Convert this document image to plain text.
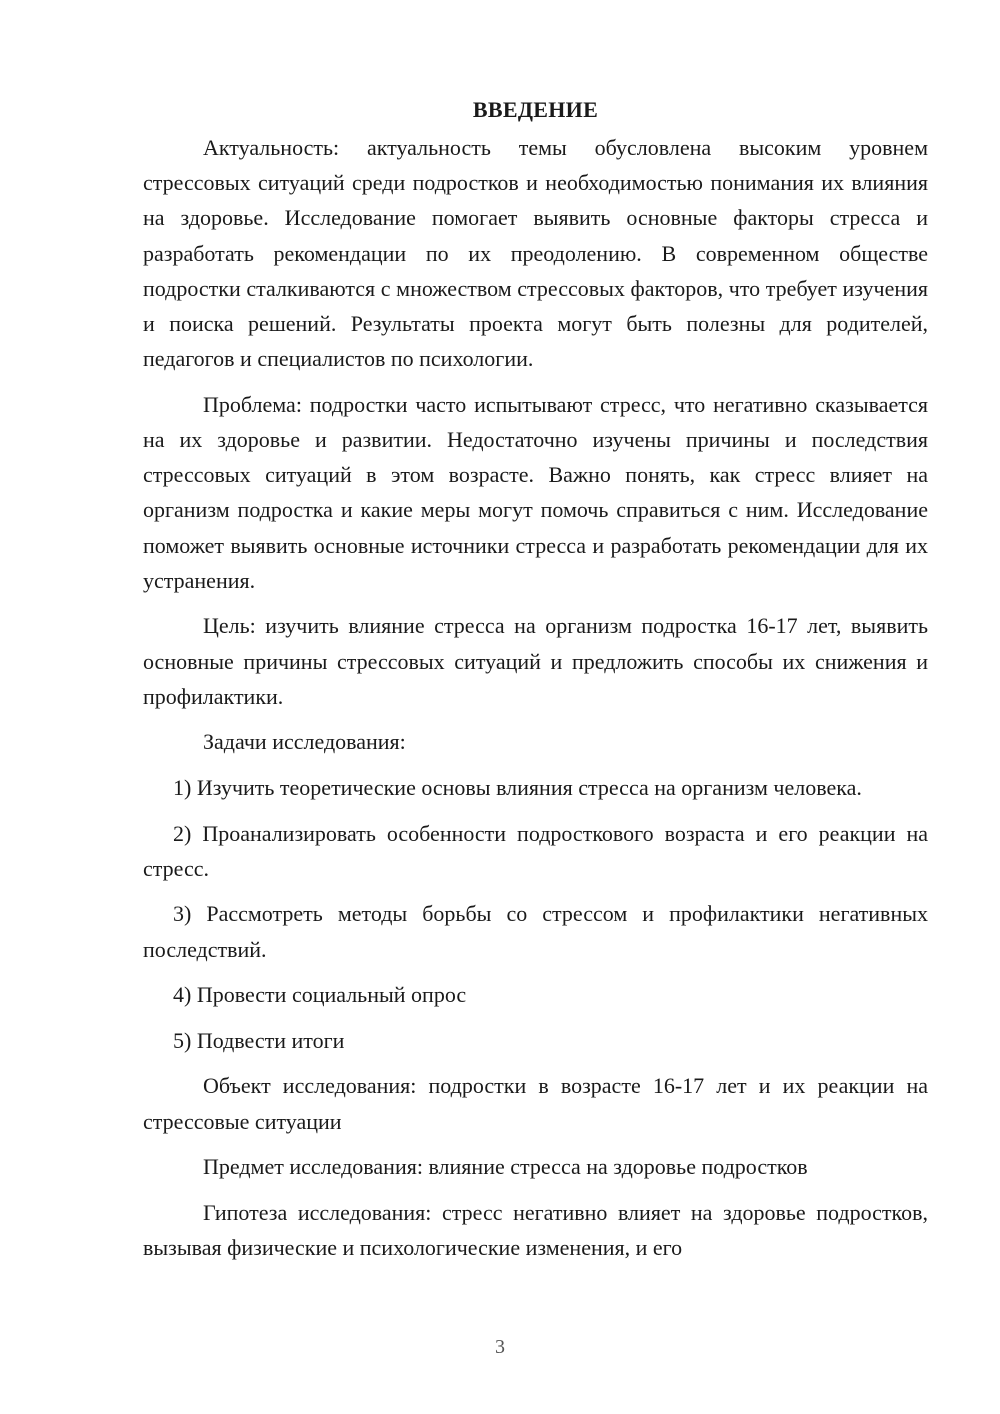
ВВЕДЕНИЕ

Актуальность: актуальность темы обусловлена высоким уровнем стрессовых ситуаций среди подростков и необходимостью понимания их влияния на здоровье. Исследование помогает выявить основные факторы стресса и разработать рекомендации по их преодолению. В современном обществе подростки сталкиваются с множеством стрессовых факторов, что требует изучения и поиска решений. Результаты проекта могут быть полезны для родителей, педагогов и специалистов по психологии.

Проблема: подростки часто испытывают стресс, что негативно сказывается на их здоровье и развитии. Недостаточно изучены причины и последствия стрессовых ситуаций в этом возрасте. Важно понять, как стресс влияет на организм подростка и какие меры могут помочь справиться с ним. Исследование поможет выявить основные источники стресса и разработать рекомендации для их устранения.

Цель: изучить влияние стресса на организм подростка 16-17 лет, выявить основные причины стрессовых ситуаций и предложить способы их снижения и профилактики.

Задачи исследования:

1) Изучить теоретические основы влияния стресса на организм человека.

2) Проанализировать особенности подросткового возраста и его реакции на стресс.

3) Рассмотреть методы борьбы со стрессом и профилактики негативных последствий.

4) Провести социальный опрос

5) Подвести итоги

Объект исследования: подростки в возрасте 16-17 лет и их реакции на стрессовые ситуации

Предмет исследования: влияние стресса на здоровье подростков

Гипотеза исследования: стресс негативно влияет на здоровье подростков, вызывая физические и психологические изменения, и его

3
